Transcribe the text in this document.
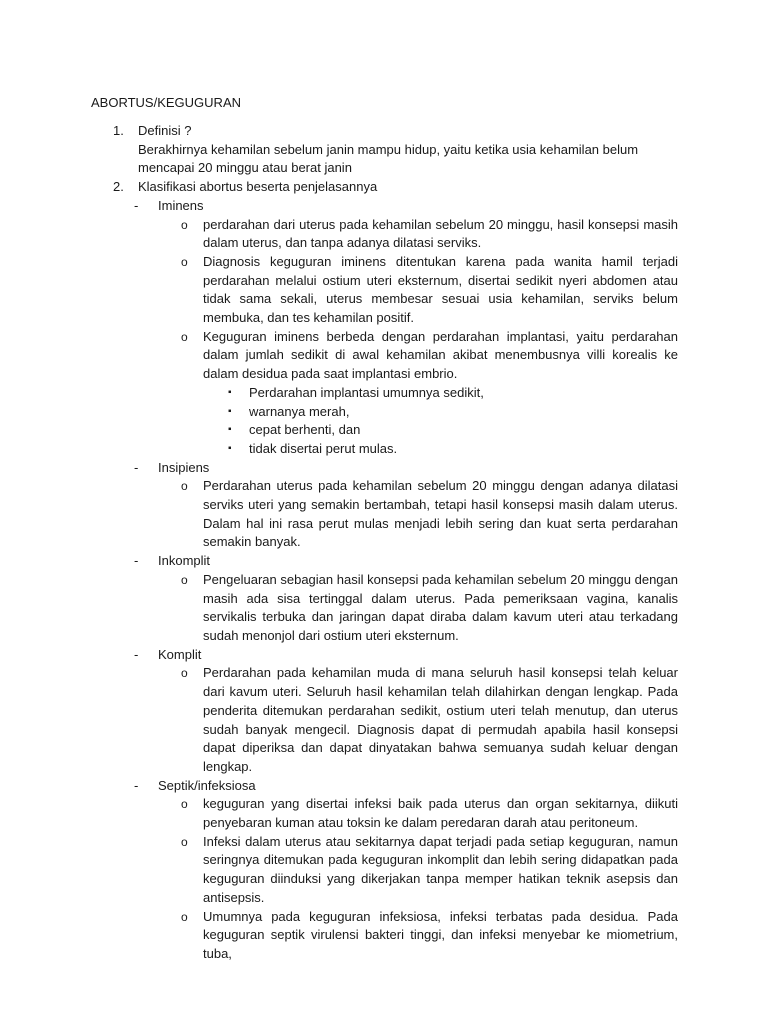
ABORTUS/KEGUGURAN
1. Definisi ?
Berakhirnya kehamilan sebelum janin mampu hidup, yaitu ketika usia kehamilan belum mencapai 20 minggu atau berat janin
2. Klasifikasi abortus beserta penjelasannya
- Iminens
o perdarahan dari uterus pada kehamilan sebelum 20 minggu, hasil konsepsi masih dalam uterus, dan tanpa adanya dilatasi serviks.
o Diagnosis keguguran iminens ditentukan karena pada wanita hamil terjadi perdarahan melalui ostium uteri eksternum, disertai sedikit nyeri abdomen atau tidak sama sekali, uterus membesar sesuai usia kehamilan, serviks belum membuka, dan tes kehamilan positif.
o Keguguran iminens berbeda dengan perdarahan implantasi, yaitu perdarahan dalam jumlah sedikit di awal kehamilan akibat menembusnya villi korealis ke dalam desidua pada saat implantasi embrio.
▪ Perdarahan implantasi umumnya sedikit,
▪ warnanya merah,
▪ cepat berhenti, dan
▪ tidak disertai perut mulas.
- Insipiens
o Perdarahan uterus pada kehamilan sebelum 20 minggu dengan adanya dilatasi serviks uteri yang semakin bertambah, tetapi hasil konsepsi masih dalam uterus. Dalam hal ini rasa perut mulas menjadi lebih sering dan kuat serta perdarahan semakin banyak.
- Inkomplit
o Pengeluaran sebagian hasil konsepsi pada kehamilan sebelum 20 minggu dengan masih ada sisa tertinggal dalam uterus. Pada pemeriksaan vagina, kanalis servikalis terbuka dan jaringan dapat diraba dalam kavum uteri atau terkadang sudah menonjol dari ostium uteri eksternum.
- Komplit
o Perdarahan pada kehamilan muda di mana seluruh hasil konsepsi telah keluar dari kavum uteri. Seluruh hasil kehamilan telah dilahirkan dengan lengkap. Pada penderita ditemukan perdarahan sedikit, ostium uteri telah menutup, dan uterus sudah banyak mengecil. Diagnosis dapat di permudah apabila hasil konsepsi dapat diperiksa dan dapat dinyatakan bahwa semuanya sudah keluar dengan lengkap.
- Septik/infeksiosa
o keguguran yang disertai infeksi baik pada uterus dan organ sekitarnya, diikuti penyebaran kuman atau toksin ke dalam peredaran darah atau peritoneum.
o Infeksi dalam uterus atau sekitarnya dapat terjadi pada setiap keguguran, namun seringnya ditemukan pada keguguran inkomplit dan lebih sering didapatkan pada keguguran diinduksi yang dikerjakan tanpa memper hatikan teknik asepsis dan antisepsis.
o Umumnya pada keguguran infeksiosa, infeksi terbatas pada desidua. Pada keguguran septik virulensi bakteri tinggi, dan infeksi menyebar ke miometrium, tuba,
